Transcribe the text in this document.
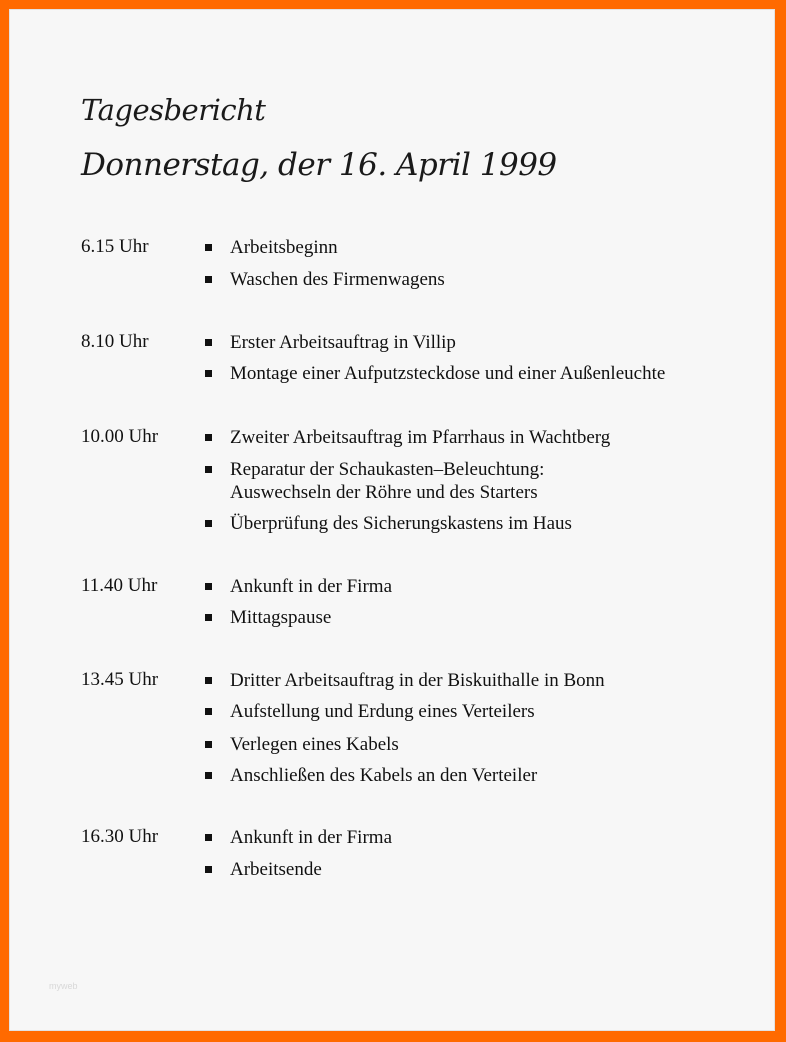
Tagesbericht
Donnerstag, der 16. April 1999
6.15 Uhr	Arbeitsbeginn
Waschen des Firmenwagens
8.10 Uhr	Erster Arbeitsauftrag in Villip
Montage einer Aufputzsteckdose und einer Außenleuchte
10.00 Uhr	Zweiter Arbeitsauftrag im Pfarrhaus in Wachtberg
Reparatur der Schaukasten–Beleuchtung: Auswechseln der Röhre und des Starters
Überprüfung des Sicherungskastens im Haus
11.40 Uhr	Ankunft in der Firma
Mittagspause
13.45 Uhr	Dritter Arbeitsauftrag in der Biskuithalle in Bonn
Aufstellung und Erdung eines Verteilers
Verlegen eines Kabels
Anschließen des Kabels an den Verteiler
16.30 Uhr	Ankunft in der Firma
Arbeitsende
myweb
